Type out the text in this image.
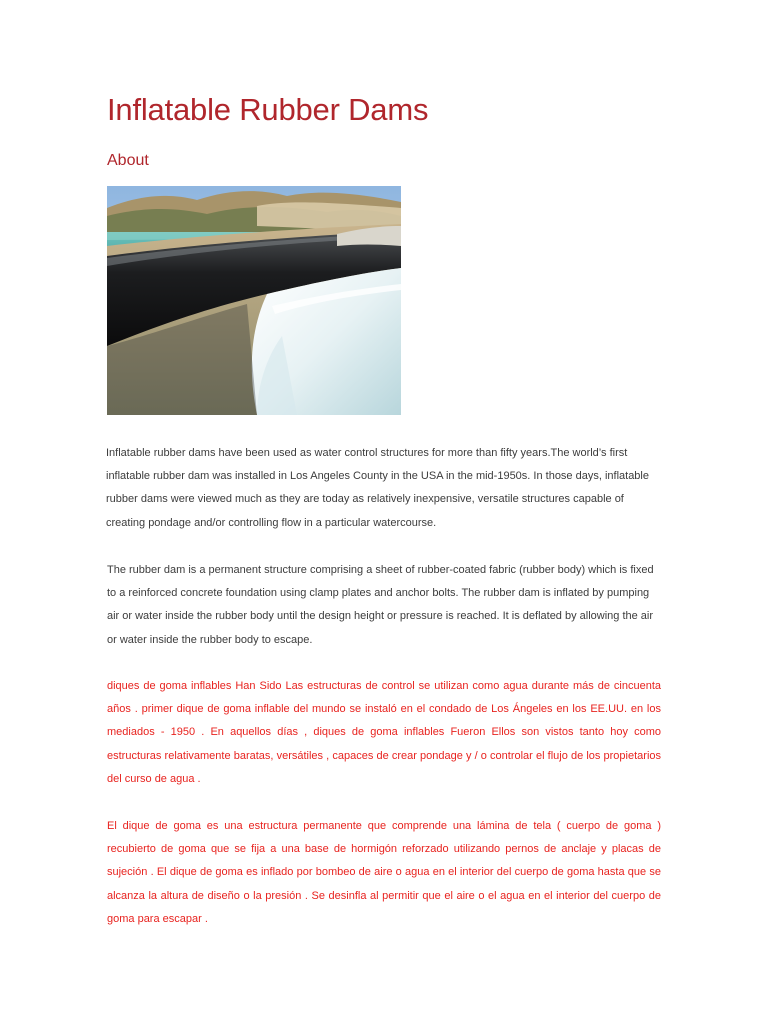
Inflatable Rubber Dams
About

Inflatable rubber dams have been used as water control structures for more than fifty years.The world’s first inflatable rubber dam was installed in Los Angeles County in the USA in the mid-1950s. In those days, inflatable rubber dams were viewed much as they are today as relatively inexpensive, versatile structures capable of creating pondage and/or controlling flow in a particular watercourse.

The rubber dam is a permanent structure comprising a sheet of rubber-coated fabric (rubber body) which is fixed to a reinforced concrete foundation using clamp plates and anchor bolts. The rubber dam is inflated by pumping air or water inside the rubber body until the design height or pressure is reached. It is deflated by allowing the air or water inside the rubber body to escape.

diques de goma inflables Han Sido Las estructuras de control se utilizan como agua durante más de cincuenta años . primer dique de goma inflable del mundo se instaló en el condado de Los Ángeles en los EE.UU. en los mediados - 1950 . En aquellos días , diques de goma inflables Fueron Ellos son vistos tanto hoy como estructuras relativamente baratas, versátiles , capaces de crear pondage y / o controlar el flujo de los propietarios del curso de agua .

El dique de goma es una estructura permanente que comprende una lámina de tela ( cuerpo de goma ) recubierto de goma que se fija a una base de hormigón reforzado utilizando pernos de anclaje y placas de sujeción . El dique de goma es inflado por bombeo de aire o agua en el interior del cuerpo de goma hasta que se alcanza la altura de diseño o la presión . Se desinfla al permitir que el aire o el agua en el interior del cuerpo de goma para escapar .
